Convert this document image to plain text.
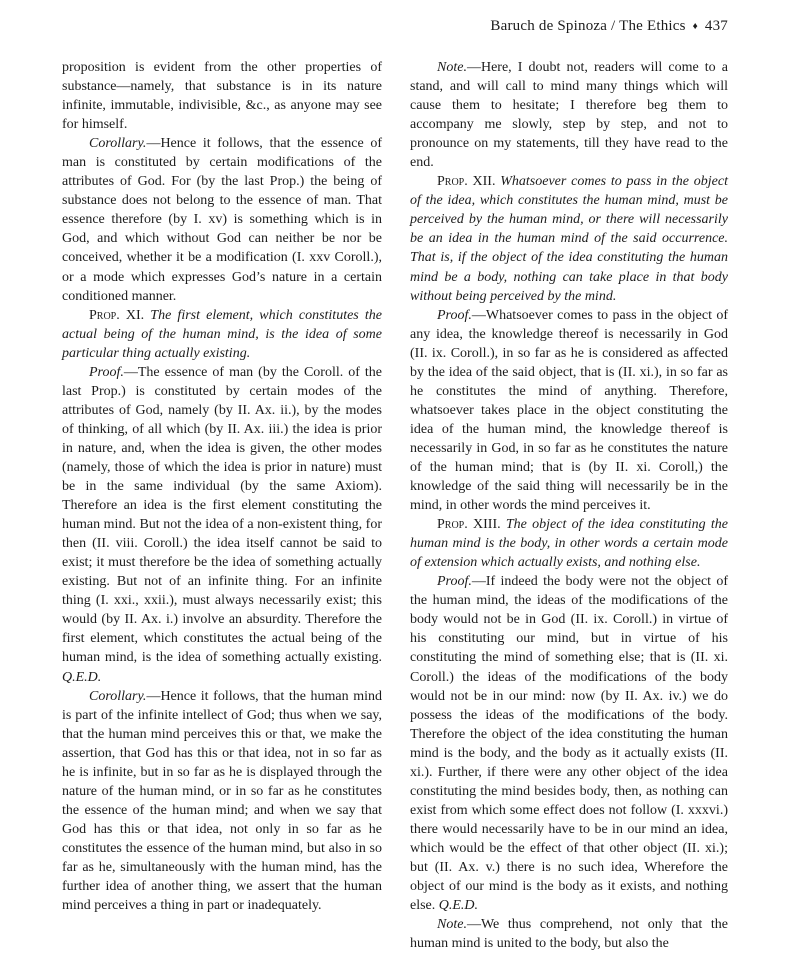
Baruch de Spinoza / The Ethics ♦ 437

proposition is evident from the other properties of substance—namely, that substance is in its nature infinite, immutable, indivisible, &c., as anyone may see for himself.

Corollary.—Hence it follows, that the essence of man is constituted by certain modifications of the attributes of God. For (by the last Prop.) the being of substance does not belong to the essence of man. That essence therefore (by I. xv) is something which is in God, and which without God can neither be nor be conceived, whether it be a modification (I. xxv Coroll.), or a mode which expresses God’s nature in a certain conditioned manner.

Prop. XI. The first element, which constitutes the actual being of the human mind, is the idea of some particular thing actually existing.

Proof.—The essence of man (by the Coroll. of the last Prop.) is constituted by certain modes of the attributes of God, namely (by II. Ax. ii.), by the modes of thinking, of all which (by II. Ax. iii.) the idea is prior in nature, and, when the idea is given, the other modes (namely, those of which the idea is prior in nature) must be in the same individual (by the same Axiom). Therefore an idea is the first element constituting the human mind. But not the idea of a non-existent thing, for then (II. viii. Coroll.) the idea itself cannot be said to exist; it must therefore be the idea of something actually existing. But not of an infinite thing. For an infinite thing (I. xxi., xxii.), must always necessarily exist; this would (by II. Ax. i.) involve an absurdity. Therefore the first element, which constitutes the actual being of the human mind, is the idea of something actually existing. Q.E.D.

Corollary.—Hence it follows, that the human mind is part of the infinite intellect of God; thus when we say, that the human mind perceives this or that, we make the assertion, that God has this or that idea, not in so far as he is infinite, but in so far as he is displayed through the nature of the human mind, or in so far as he constitutes the essence of the human mind; and when we say that God has this or that idea, not only in so far as he constitutes the essence of the human mind, but also in so far as he, simultaneously with the human mind, has the further idea of another thing, we assert that the human mind perceives a thing in part or inadequately.

Note.—Here, I doubt not, readers will come to a stand, and will call to mind many things which will cause them to hesitate; I therefore beg them to accompany me slowly, step by step, and not to pronounce on my statements, till they have read to the end.

Prop. XII. Whatsoever comes to pass in the object of the idea, which constitutes the human mind, must be perceived by the human mind, or there will necessarily be an idea in the human mind of the said occurrence. That is, if the object of the idea constituting the human mind be a body, nothing can take place in that body without being perceived by the mind.

Proof.—Whatsoever comes to pass in the object of any idea, the knowledge thereof is necessarily in God (II. ix. Coroll.), in so far as he is considered as affected by the idea of the said object, that is (II. xi.), in so far as he constitutes the mind of anything. Therefore, whatsoever takes place in the object constituting the idea of the human mind, the knowledge thereof is necessarily in God, in so far as he constitutes the nature of the human mind; that is (by II. xi. Coroll,) the knowledge of the said thing will necessarily be in the mind, in other words the mind perceives it.

Prop. XIII. The object of the idea constituting the human mind is the body, in other words a certain mode of extension which actually exists, and nothing else.

Proof.—If indeed the body were not the object of the human mind, the ideas of the modifications of the body would not be in God (II. ix. Coroll.) in virtue of his constituting our mind, but in virtue of his constituting the mind of something else; that is (II. xi. Coroll.) the ideas of the modifications of the body would not be in our mind: now (by II. Ax. iv.) we do possess the ideas of the modifications of the body. Therefore the object of the idea constituting the human mind is the body, and the body as it actually exists (II. xi.). Further, if there were any other object of the idea constituting the mind besides body, then, as nothing can exist from which some effect does not follow (I. xxxvi.) there would necessarily have to be in our mind an idea, which would be the effect of that other object (II. xi.); but (II. Ax. v.) there is no such idea, Wherefore the object of our mind is the body as it exists, and nothing else. Q.E.D.

Note.—We thus comprehend, not only that the human mind is united to the body, but also the
